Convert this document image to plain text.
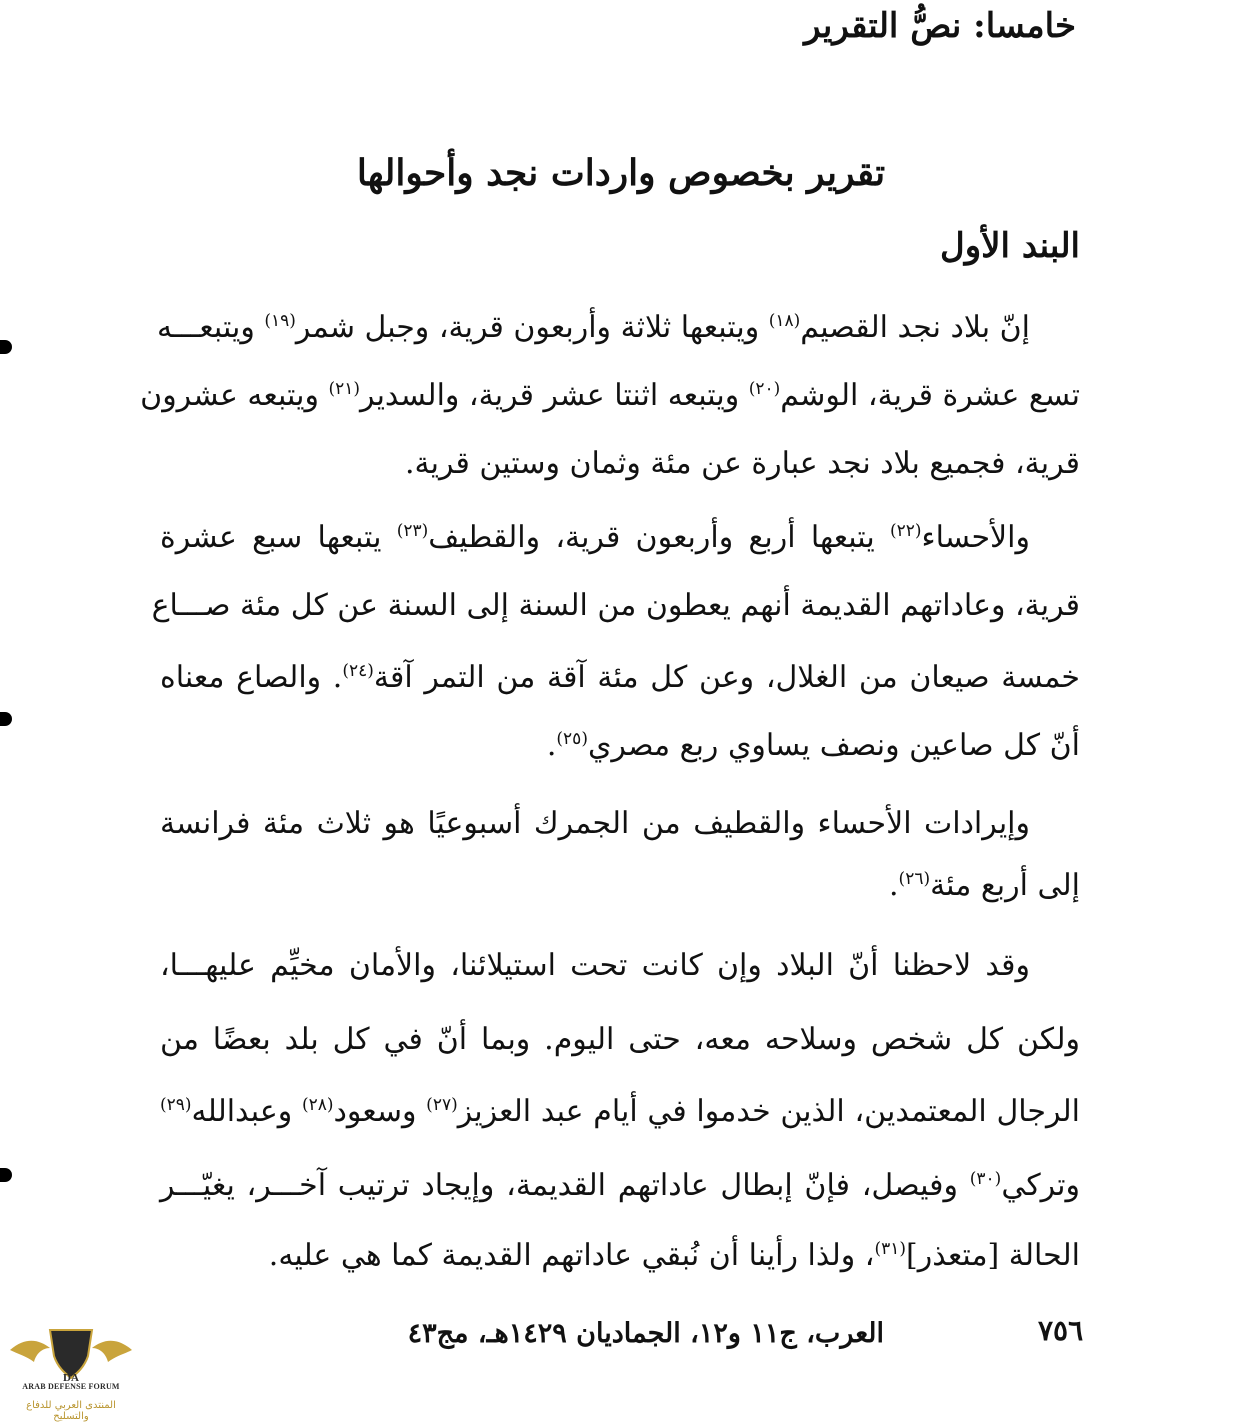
خامسا: نصُّ التقرير
تقرير بخصوص واردات نجد وأحوالها
البند الأول
إنّ بلاد نجد القصيم$^{(١٨)}$ ويتبعها ثلاثة وأربعون قرية، وجبل شمر$^{(١٩)}$ ويتبعـــه
تسع عشرة قرية، الوشم$^{(٢٠)}$ ويتبعه اثنتا عشر قرية، والسدير$^{(٢١)}$ ويتبعه عشرون
قرية، فجميع بلاد نجد عبارة عن مئة وثمان وستين قرية.
والأحساء$^{(٢٢)}$ يتبعها أربع وأربعون قرية، والقطيف$^{(٢٣)}$ يتبعها سبع عشرة
قرية، وعاداتهم القديمة أنهم يعطون من السنة إلى السنة عن كل مئة صـــاع
خمسة صيعان من الغلال، وعن كل مئة آقة من التمر آقة$^{(٢٤)}$. والصاع معناه
أنّ كل صاعين ونصف يساوي ربع مصري$^{(٢٥)}$.
وإيرادات الأحساء والقطيف من الجمرك أسبوعيًا هو ثلاث مئة فرانسة
إلى أربع مئة$^{(٢٦)}$.
وقد لاحظنا أنّ البلاد وإن كانت تحت استيلائنا، والأمان مخيِّم عليهـــا،
ولكن كل شخص وسلاحه معه، حتى اليوم. وبما أنّ في كل بلد بعضًا من
الرجال المعتمدين، الذين خدموا في أيام عبد العزيز$^{(٢٧)}$ وسعود$^{(٢٨)}$ وعبدالله$^{(٢٩)}$
وتركي$^{(٣٠)}$ وفيصل، فإنّ إبطال عاداتهم القديمة، وإيجاد ترتيب آخـــر، يغيّـــر
الحالة [متعذر]$^{(٣١)}$، ولذا رأينا أن نُبقي عاداتهم القديمة كما هي عليه.
٧٥٦
العرب، ج١١ و١٢، الجماديان ١٤٢٩هـ، مج٤٣
DA
ARAB DEFENSE FORUM
المنتدى العربي للدفاع والتسليح
